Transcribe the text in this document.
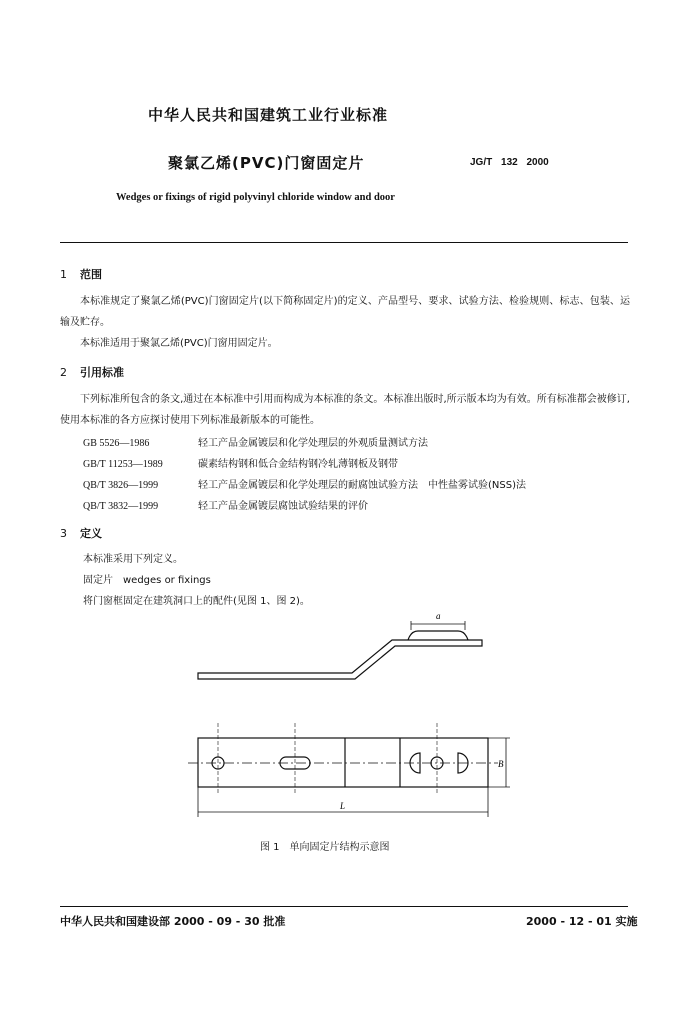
中华人民共和国建筑工业行业标准
聚氯乙烯(PVC)门窗固定片	JG/T 132 2000
Wedges or fixings of rigid polyvinyl chloride window and door
1 范围
本标准规定了聚氯乙烯(PVC)门窗固定片(以下简称固定片)的定义、产品型号、要求、试验方法、检验规则、标志、包装、运输及贮存。
本标准适用于聚氯乙烯(PVC)门窗用固定片。
2 引用标准
下列标准所包含的条文,通过在本标准中引用而构成为本标准的条文。本标准出版时,所示版本均为有效。所有标准都会被修订,使用本标准的各方应探讨使用下列标准最新版本的可能性。
GB 5526—1986	轻工产品金属镀层和化学处理层的外观质量测试方法
GB/T 11253—1989	碳素结构钢和低合金结构钢冷轧薄钢板及钢带
QB/T 3826—1999	轻工产品金属镀层和化学处理层的耐腐蚀试验方法　中性盐雾试验(NSS)法
QB/T 3832—1999	轻工产品金属镀层腐蚀试验结果的评价
3 定义
本标准采用下列定义。
固定片　wedges or fixings
将门窗框固定在建筑洞口上的配件(见图 1、图 2)。
a
B
L
图 1　单向固定片结构示意图
中华人民共和国建设部 2000 - 09 - 30 批准	2000 - 12 - 01 实施
